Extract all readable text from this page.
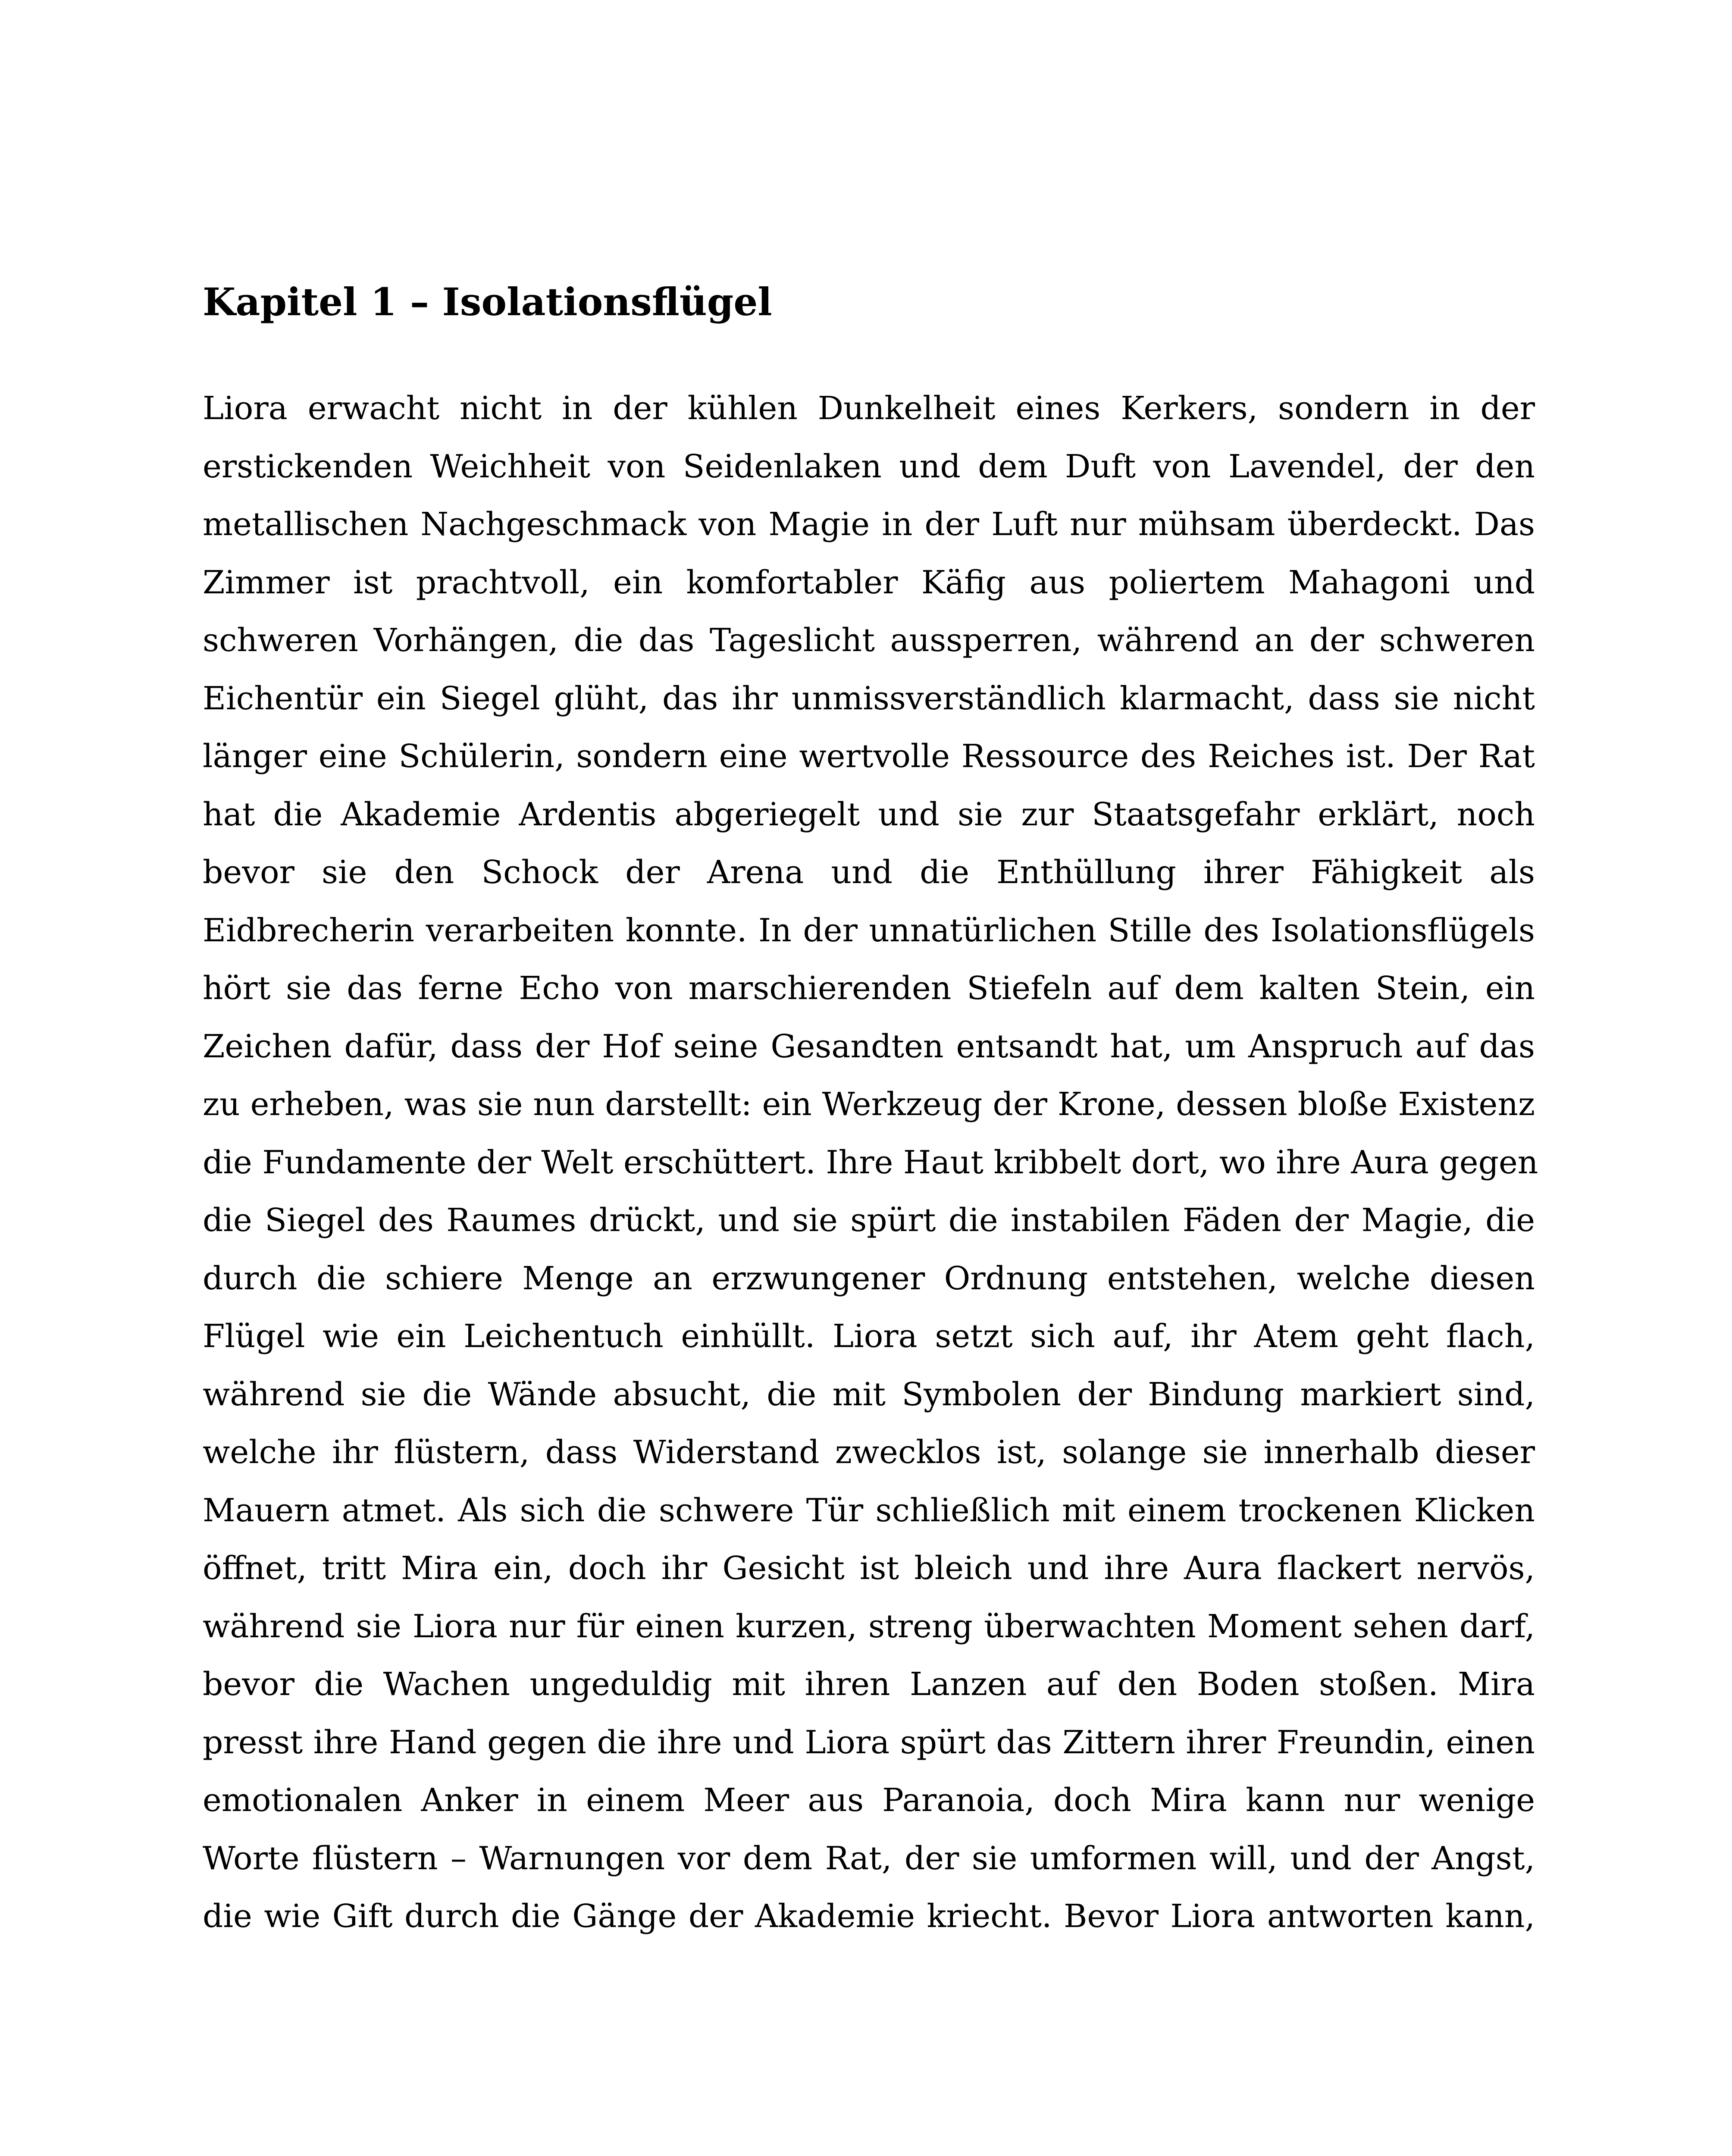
Kapitel 1 – Isolationsflügel
Liora erwacht nicht in der kühlen Dunkelheit eines Kerkers, sondern in der
erstickenden Weichheit von Seidenlaken und dem Duft von Lavendel, der den
metallischen Nachgeschmack von Magie in der Luft nur mühsam überdeckt. Das
Zimmer ist prachtvoll, ein komfortabler Käfig aus poliertem Mahagoni und
schweren Vorhängen, die das Tageslicht aussperren, während an der schweren
Eichentür ein Siegel glüht, das ihr unmissverständlich klarmacht, dass sie nicht
länger eine Schülerin, sondern eine wertvolle Ressource des Reiches ist. Der Rat
hat die Akademie Ardentis abgeriegelt und sie zur Staatsgefahr erklärt, noch
bevor sie den Schock der Arena und die Enthüllung ihrer Fähigkeit als
Eidbrecherin verarbeiten konnte. In der unnatürlichen Stille des Isolationsflügels
hört sie das ferne Echo von marschierenden Stiefeln auf dem kalten Stein, ein
Zeichen dafür, dass der Hof seine Gesandten entsandt hat, um Anspruch auf das
zu erheben, was sie nun darstellt: ein Werkzeug der Krone, dessen bloße Existenz
die Fundamente der Welt erschüttert. Ihre Haut kribbelt dort, wo ihre Aura gegen
die Siegel des Raumes drückt, und sie spürt die instabilen Fäden der Magie, die
durch die schiere Menge an erzwungener Ordnung entstehen, welche diesen
Flügel wie ein Leichentuch einhüllt. Liora setzt sich auf, ihr Atem geht flach,
während sie die Wände absucht, die mit Symbolen der Bindung markiert sind,
welche ihr flüstern, dass Widerstand zwecklos ist, solange sie innerhalb dieser
Mauern atmet. Als sich die schwere Tür schließlich mit einem trockenen Klicken
öffnet, tritt Mira ein, doch ihr Gesicht ist bleich und ihre Aura flackert nervös,
während sie Liora nur für einen kurzen, streng überwachten Moment sehen darf,
bevor die Wachen ungeduldig mit ihren Lanzen auf den Boden stoßen. Mira
presst ihre Hand gegen die ihre und Liora spürt das Zittern ihrer Freundin, einen
emotionalen Anker in einem Meer aus Paranoia, doch Mira kann nur wenige
Worte flüstern – Warnungen vor dem Rat, der sie umformen will, und der Angst,
die wie Gift durch die Gänge der Akademie kriecht. Bevor Liora antworten kann,
